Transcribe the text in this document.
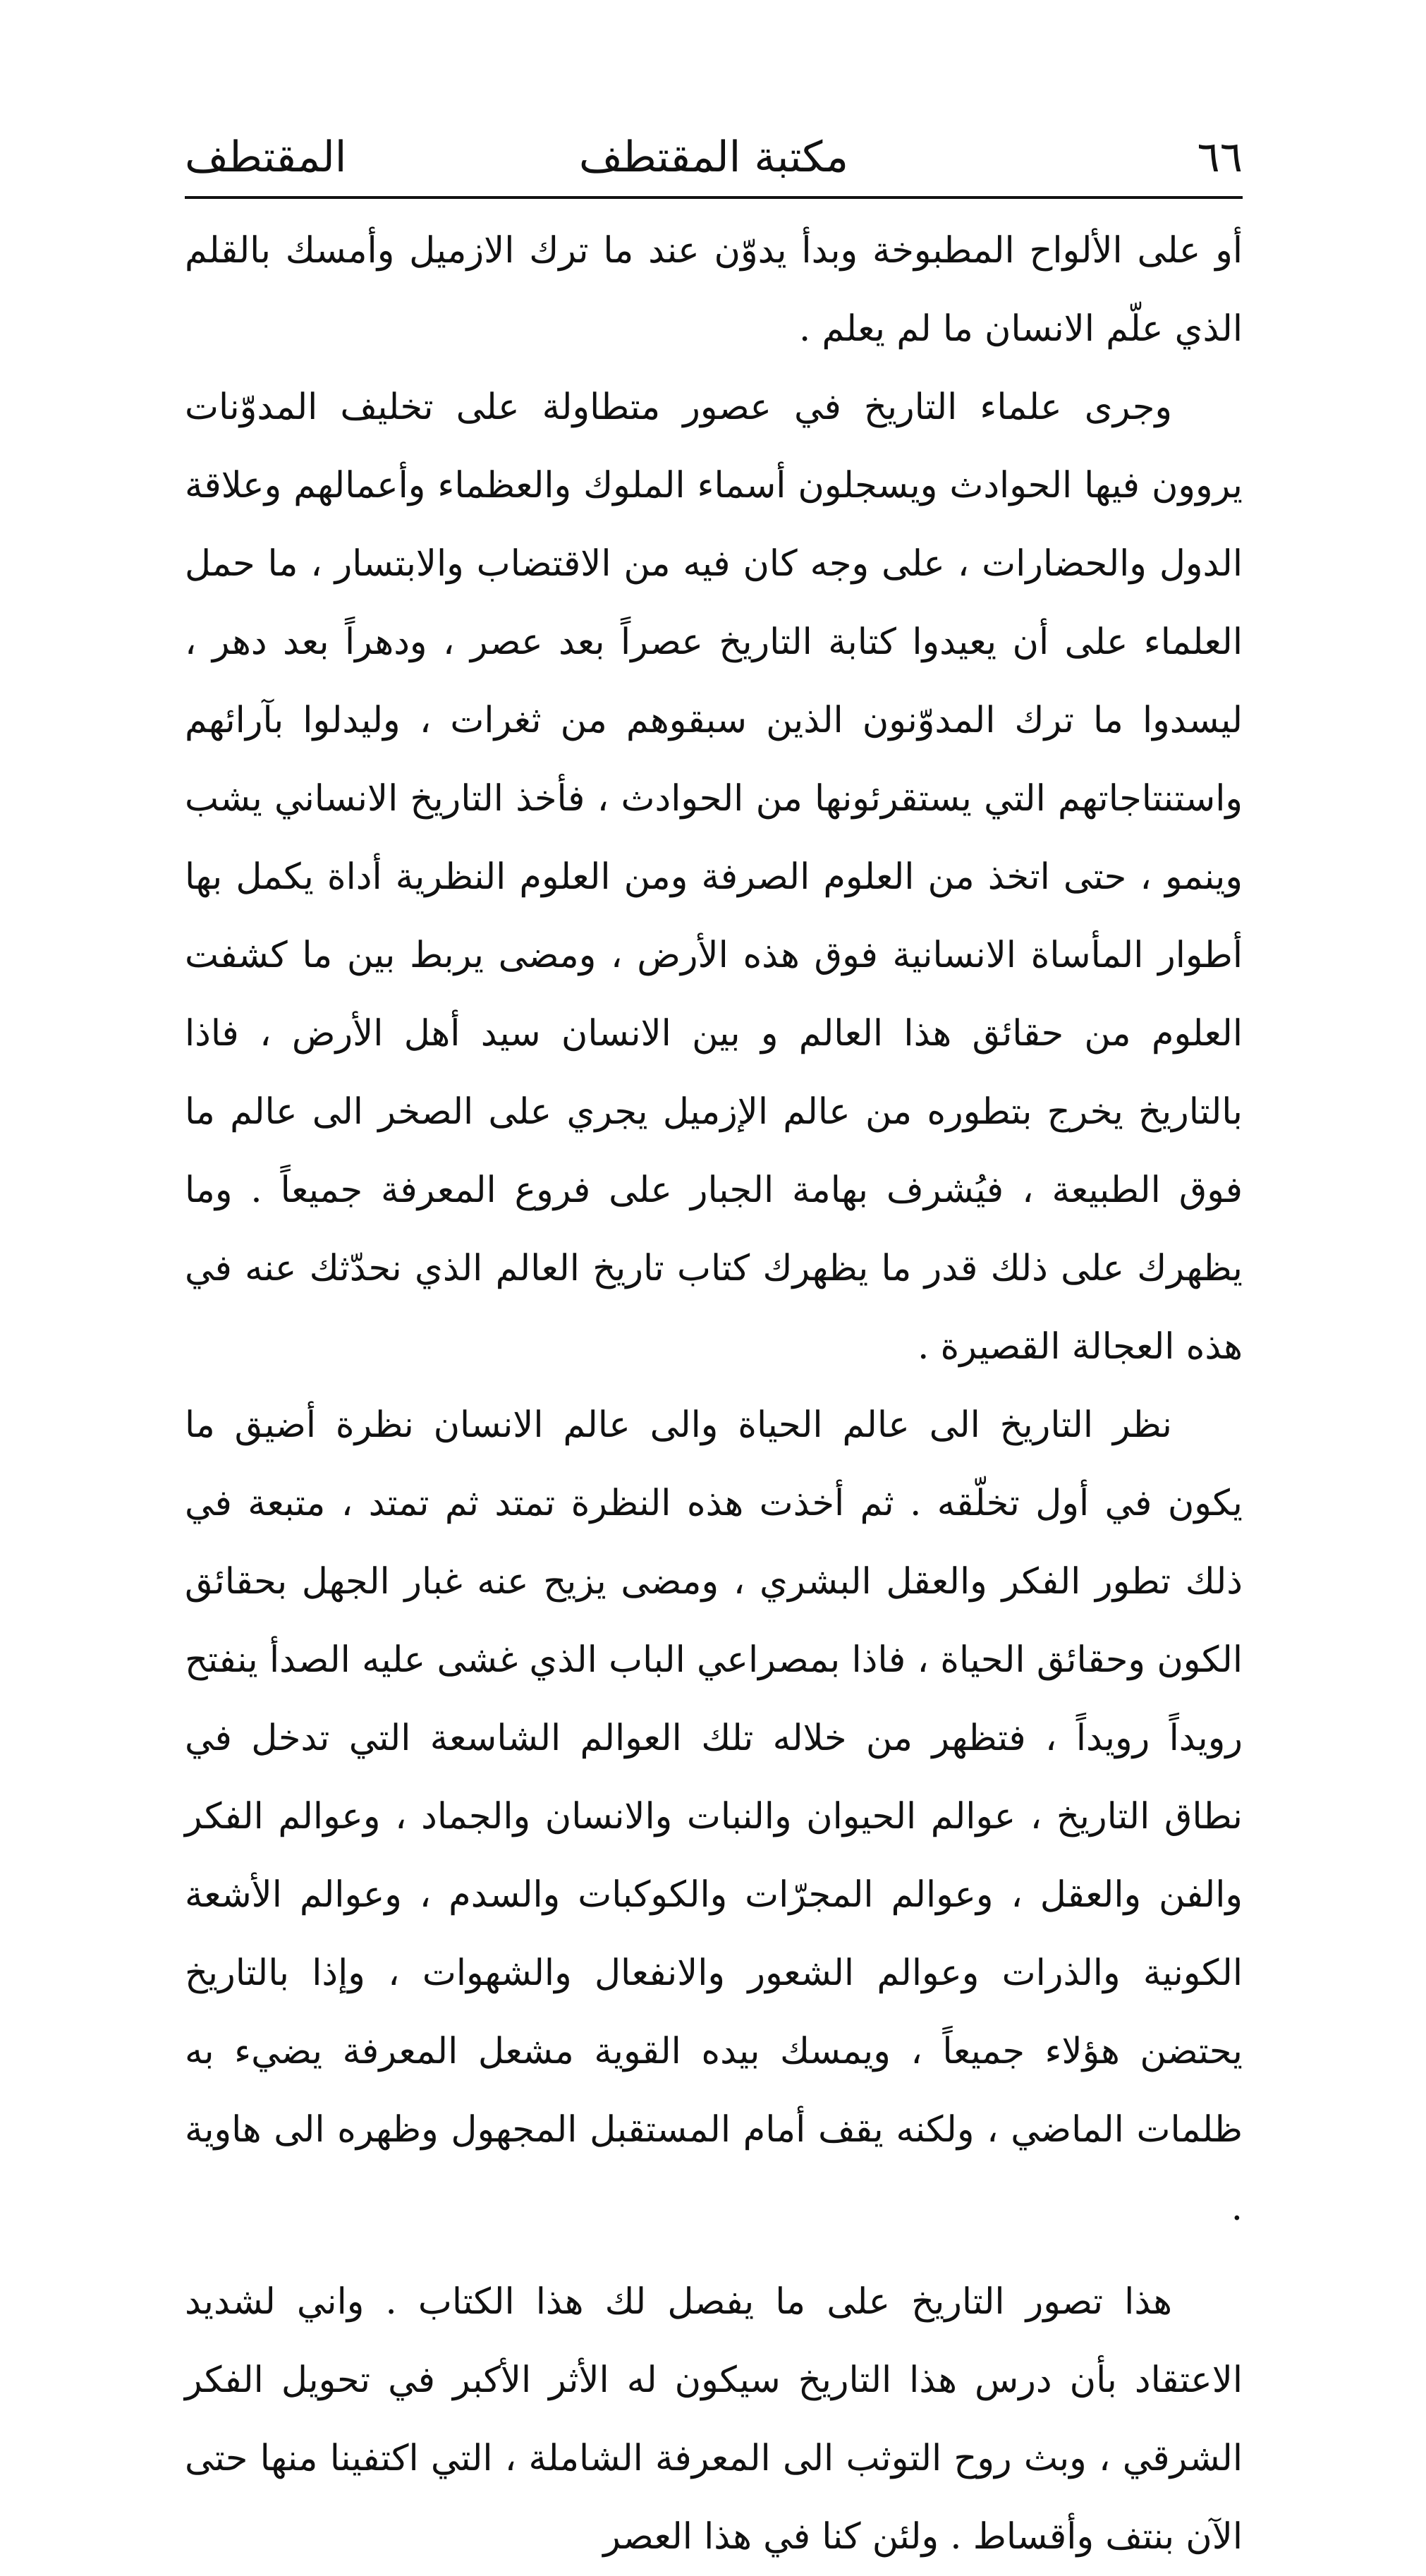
٦٦
مكتبة المقتطف
المقتطف

أو على الألواح المطبوخة وبدأ يدوّن عند ما ترك الازميل وأمسك بالقلم الذي علّم الانسان ما لم يعلم .

وجرى علماء التاريخ في عصور متطاولة على تخليف المدوّنات يروون فيها الحوادث ويسجلون أسماء الملوك والعظماء وأعمالهم وعلاقة الدول والحضارات ، على وجه كان فيه من الاقتضاب والابتسار ، ما حمل العلماء على أن يعيدوا كتابة التاريخ عصراً بعد عصر ، ودهراً بعد دهر ، ليسدوا ما ترك المدوّنون الذين سبقوهم من ثغرات ، وليدلوا بآرائهم واستنتاجاتهم التي يستقرئونها من الحوادث ، فأخذ التاريخ الانساني يشب وينمو ، حتى اتخذ من العلوم الصرفة ومن العلوم النظرية أداة يكمل بها أطوار المأساة الانسانية فوق هذه الأرض ، ومضى يربط بين ما كشفت العلوم من حقائق هذا العالم و بين الانسان سيد أهل الأرض ، فاذا بالتاريخ يخرج بتطوره من عالم الإزميل يجري على الصخر الى عالم ما فوق الطبيعة ، فيُشرف بهامة الجبار على فروع المعرفة جميعاً . وما يظهرك على ذلك قدر ما يظهرك كتاب تاريخ العالم الذي نحدّثك عنه في هذه العجالة القصيرة .

نظر التاريخ الى عالم الحياة والى عالم الانسان نظرة أضيق ما يكون في أول تخلّقه . ثم أخذت هذه النظرة تمتد ثم تمتد ، متبعة في ذلك تطور الفكر والعقل البشري ، ومضى يزيح عنه غبار الجهل بحقائق الكون وحقائق الحياة ، فاذا بمصراعي الباب الذي غشى عليه الصدأ ينفتح رويداً رويداً ، فتظهر من خلاله تلك العوالم الشاسعة التي تدخل في نطاق التاريخ ، عوالم الحيوان والنبات والانسان والجماد ، وعوالم الفكر والفن والعقل ، وعوالم المجرّات والكوكبات والسدم ، وعوالم الأشعة الكونية والذرات وعوالم الشعور والانفعال والشهوات ، وإذا بالتاريخ يحتضن هؤلاء جميعاً ، ويمسك بيده القوية مشعل المعرفة يضيء به ظلمات الماضي ، ولكنه يقف أمام المستقبل المجهول وظهره الى هاوية .

هذا تصور التاريخ على ما يفصل لك هذا الكتاب . واني لشديد الاعتقاد بأن درس هذا التاريخ سيكون له الأثر الأكبر في تحويل الفكر الشرقي ، وبث روح التوثب الى المعرفة الشاملة ، التي اكتفينا منها حتى الآن بنتف وأقساط . ولئن كنا في هذا العصر
